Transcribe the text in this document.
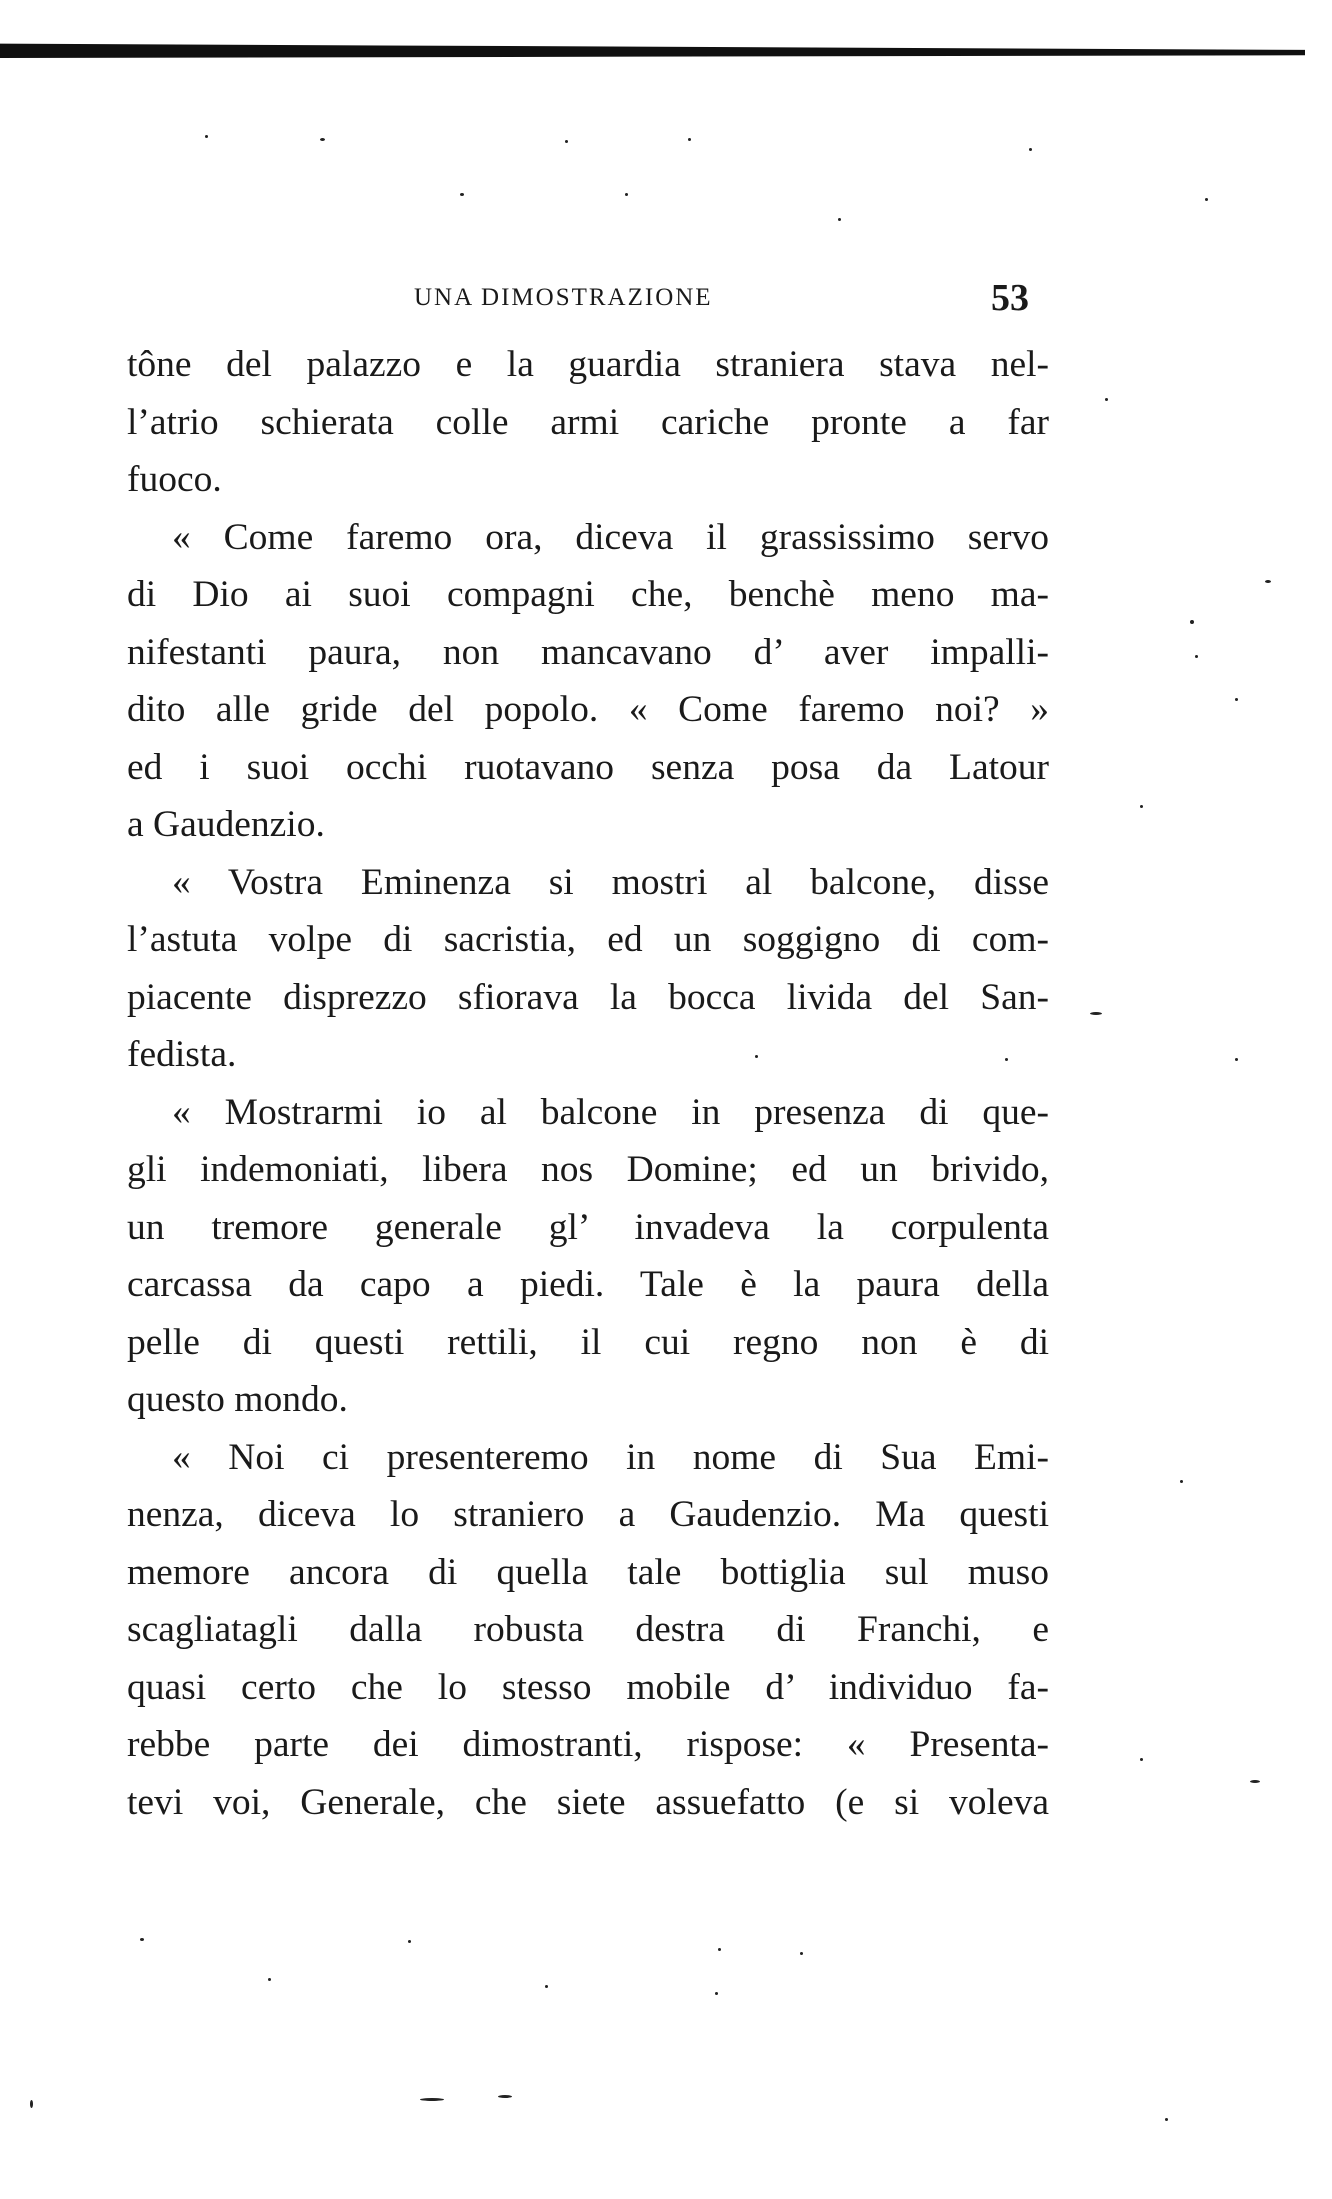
UNA DIMOSTRAZIONE	53
tône del palazzo e la guardia straniera stava nel-
l’atrio schierata colle armi cariche pronte a far
fuoco.
« Come faremo ora, diceva il grassissimo servo
di Dio ai suoi compagni che, benchè meno ma-
nifestanti paura, non mancavano d’ aver impalli-
dito alle gride del popolo. « Come faremo noi? »
ed i suoi occhi ruotavano senza posa da Latour
a Gaudenzio.
« Vostra Eminenza si mostri al balcone, disse
l’astuta volpe di sacristia, ed un soggigno di com-
piacente disprezzo sfiorava la bocca livida del San-
fedista.
« Mostrarmi io al balcone in presenza di que-
gli indemoniati, libera nos Domine; ed un brivido,
un tremore generale gl’ invadeva la corpulenta
carcassa da capo a piedi. Tale è la paura della
pelle di questi rettili, il cui regno non è di
questo mondo.
« Noi ci presenteremo in nome di Sua Emi-
nenza, diceva lo straniero a Gaudenzio. Ma questi
memore ancora di quella tale bottiglia sul muso
scagliatagli dalla robusta destra di Franchi, e
quasi certo che lo stesso mobile d’ individuo fa-
rebbe parte dei dimostranti, rispose: « Presenta-
tevi voi, Generale, che siete assuefatto (e si voleva
